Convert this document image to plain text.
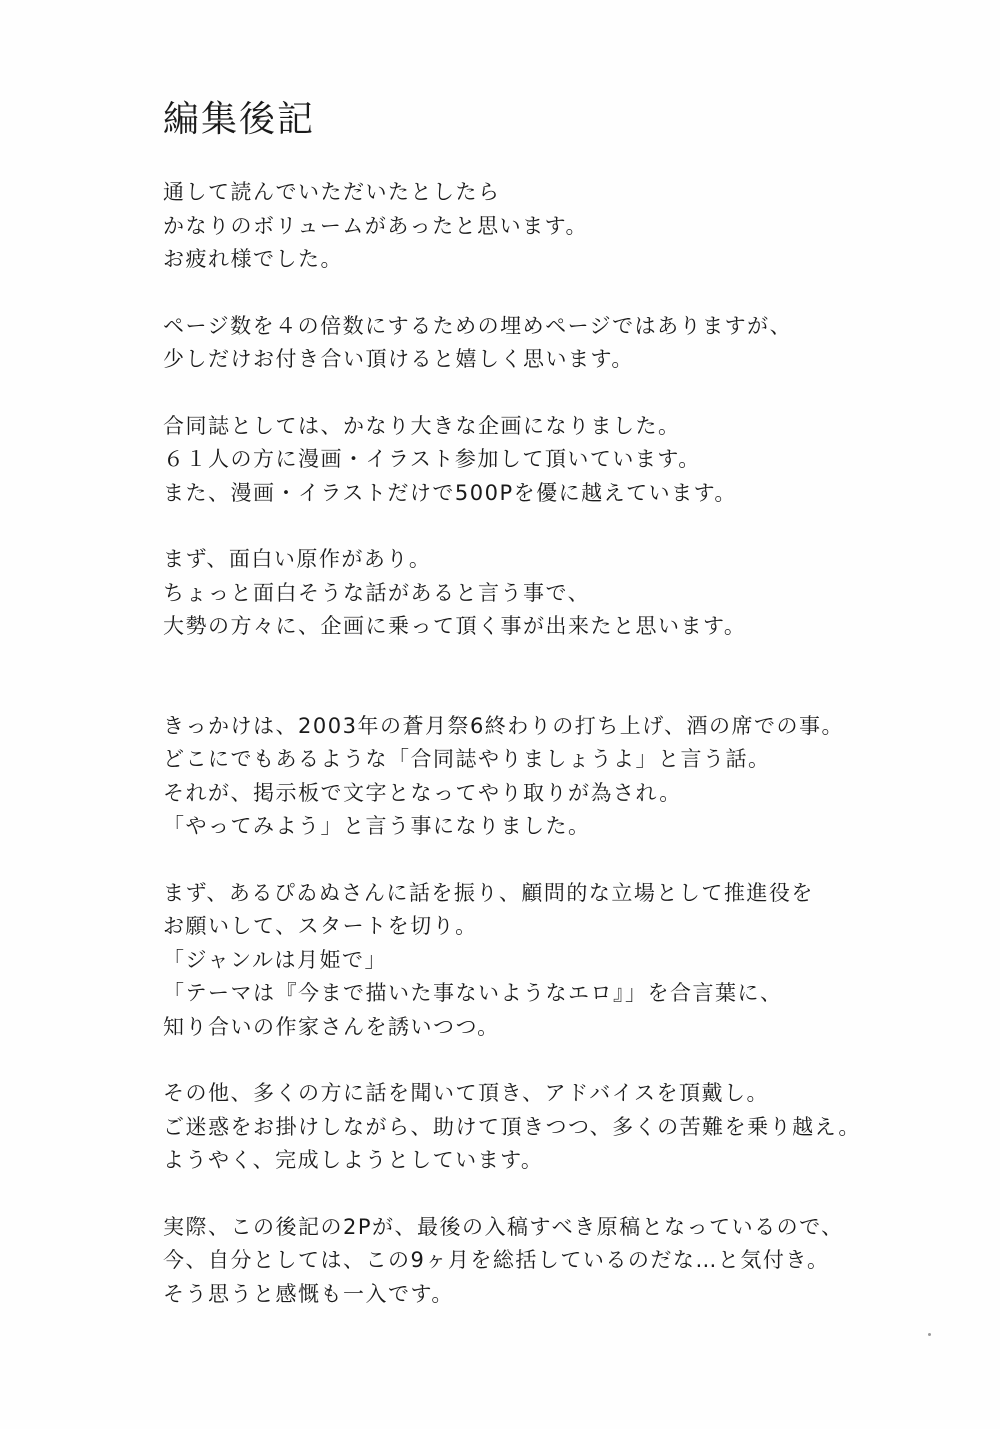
編集後記

通して読んでいただいたとしたら
かなりのボリュームがあったと思います。
お疲れ様でした。

ページ数を４の倍数にするための埋めページではありますが、
少しだけお付き合い頂けると嬉しく思います。

合同誌としては、かなり大きな企画になりました。
６１人の方に漫画・イラスト参加して頂いています。
また、漫画・イラストだけで500Pを優に越えています。

まず、面白い原作があり。
ちょっと面白そうな話があると言う事で、
大勢の方々に、企画に乗って頂く事が出来たと思います。

きっかけは、2003年の蒼月祭6終わりの打ち上げ、酒の席での事。
どこにでもあるような「合同誌やりましょうよ」と言う話。
それが、掲示板で文字となってやり取りが為され。
「やってみよう」と言う事になりました。

まず、あるぴゐぬさんに話を振り、顧問的な立場として推進役を
お願いして、スタートを切り。
「ジャンルは月姫で」
「テーマは『今まで描いた事ないようなエロ』」を合言葉に、
知り合いの作家さんを誘いつつ。

その他、多くの方に話を聞いて頂き、アドバイスを頂戴し。
ご迷惑をお掛けしながら、助けて頂きつつ、多くの苦難を乗り越え。
ようやく、完成しようとしています。

実際、この後記の2Pが、最後の入稿すべき原稿となっているので、
今、自分としては、この9ヶ月を総括しているのだな…と気付き。
そう思うと感慨も一入です。
